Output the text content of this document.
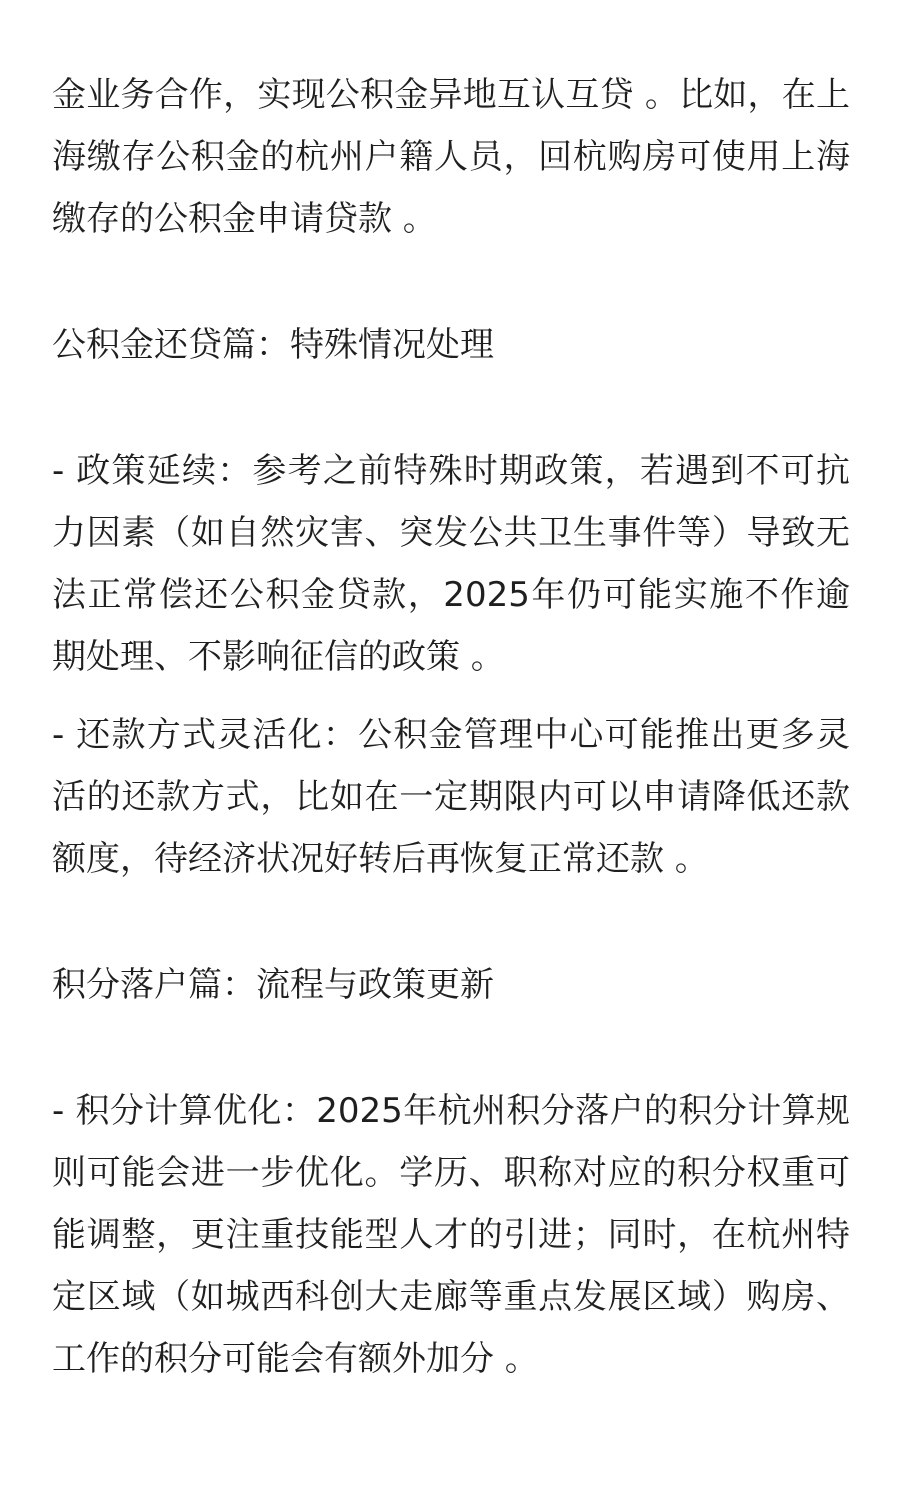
金业务合作，实现公积金异地互认互贷 。比如，在上海缴存公积金的杭州户籍人员，回杭购房可使用上海缴存的公积金申请贷款 。

公积金还贷篇：特殊情况处理

- 政策延续：参考之前特殊时期政策，若遇到不可抗力因素（如自然灾害、突发公共卫生事件等）导致无法正常偿还公积金贷款，2025年仍可能实施不作逾期处理、不影响征信的政策 。

- 还款方式灵活化：公积金管理中心可能推出更多灵活的还款方式，比如在一定期限内可以申请降低还款额度，待经济状况好转后再恢复正常还款 。

积分落户篇：流程与政策更新

- 积分计算优化：2025年杭州积分落户的积分计算规则可能会进一步优化。学历、职称对应的积分权重可能调整，更注重技能型人才的引进；同时，在杭州特定区域（如城西科创大走廊等重点发展区域）购房、工作的积分可能会有额外加分 。
